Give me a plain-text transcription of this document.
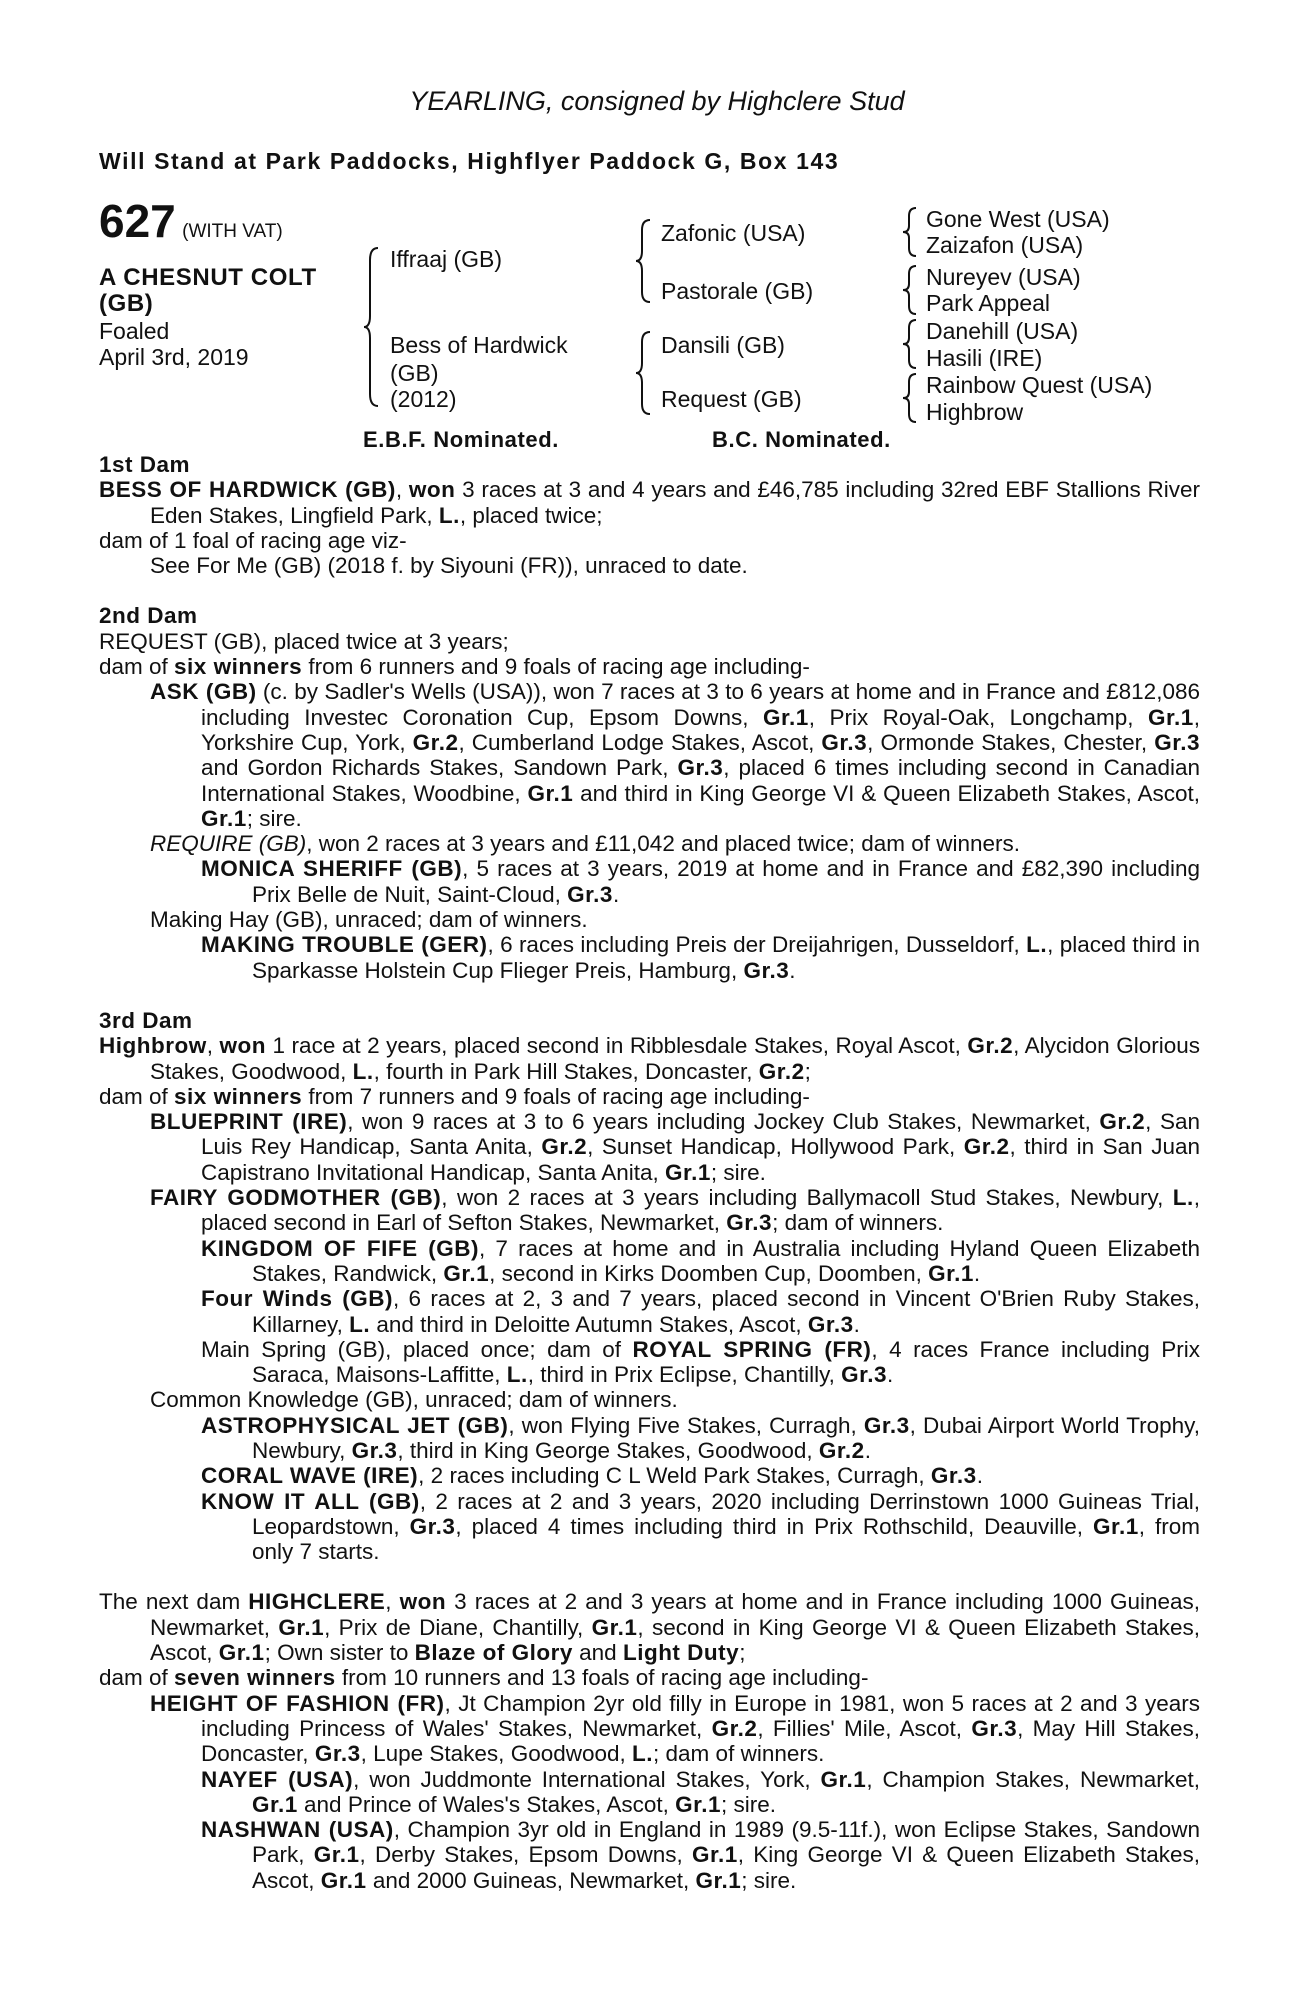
YEARLING, consigned by Highclere Stud
Will Stand at Park Paddocks, Highflyer Paddock G, Box 143
627 (WITH VAT)
A CHESNUT COLT
(GB)
Foaled
April 3rd, 2019
Iffraaj (GB)
Bess of Hardwick
(GB)
(2012)
Zafonic (USA)
Pastorale (GB)
Dansili (GB)
Request (GB)
Gone West (USA)
Zaizafon (USA)
Nureyev (USA)
Park Appeal
Danehill (USA)
Hasili (IRE)
Rainbow Quest (USA)
Highbrow
E.B.F. Nominated.	B.C. Nominated.
1st Dam
BESS OF HARDWICK (GB), won 3 races at 3 and 4 years and £46,785 including 32red EBF Stallions River Eden Stakes, Lingfield Park, L., placed twice;
dam of 1 foal of racing age viz-
See For Me (GB) (2018 f. by Siyouni (FR)), unraced to date.
2nd Dam
REQUEST (GB), placed twice at 3 years;
dam of six winners from 6 runners and 9 foals of racing age including-
ASK (GB) (c. by Sadler's Wells (USA)), won 7 races at 3 to 6 years at home and in France and £812,086 including Investec Coronation Cup, Epsom Downs, Gr.1, Prix Royal-Oak, Longchamp, Gr.1, Yorkshire Cup, York, Gr.2, Cumberland Lodge Stakes, Ascot, Gr.3, Ormonde Stakes, Chester, Gr.3 and Gordon Richards Stakes, Sandown Park, Gr.3, placed 6 times including second in Canadian International Stakes, Woodbine, Gr.1 and third in King George VI & Queen Elizabeth Stakes, Ascot, Gr.1; sire.
REQUIRE (GB), won 2 races at 3 years and £11,042 and placed twice; dam of winners.
MONICA SHERIFF (GB), 5 races at 3 years, 2019 at home and in France and £82,390 including Prix Belle de Nuit, Saint-Cloud, Gr.3.
Making Hay (GB), unraced; dam of winners.
MAKING TROUBLE (GER), 6 races including Preis der Dreijahrigen, Dusseldorf, L., placed third in Sparkasse Holstein Cup Flieger Preis, Hamburg, Gr.3.
3rd Dam
Highbrow, won 1 race at 2 years, placed second in Ribblesdale Stakes, Royal Ascot, Gr.2, Alycidon Glorious Stakes, Goodwood, L., fourth in Park Hill Stakes, Doncaster, Gr.2;
dam of six winners from 7 runners and 9 foals of racing age including-
BLUEPRINT (IRE), won 9 races at 3 to 6 years including Jockey Club Stakes, Newmarket, Gr.2, San Luis Rey Handicap, Santa Anita, Gr.2, Sunset Handicap, Hollywood Park, Gr.2, third in San Juan Capistrano Invitational Handicap, Santa Anita, Gr.1; sire.
FAIRY GODMOTHER (GB), won 2 races at 3 years including Ballymacoll Stud Stakes, Newbury, L., placed second in Earl of Sefton Stakes, Newmarket, Gr.3; dam of winners.
KINGDOM OF FIFE (GB), 7 races at home and in Australia including Hyland Queen Elizabeth Stakes, Randwick, Gr.1, second in Kirks Doomben Cup, Doomben, Gr.1.
Four Winds (GB), 6 races at 2, 3 and 7 years, placed second in Vincent O'Brien Ruby Stakes, Killarney, L. and third in Deloitte Autumn Stakes, Ascot, Gr.3.
Main Spring (GB), placed once; dam of ROYAL SPRING (FR), 4 races France including Prix Saraca, Maisons-Laffitte, L., third in Prix Eclipse, Chantilly, Gr.3.
Common Knowledge (GB), unraced; dam of winners.
ASTROPHYSICAL JET (GB), won Flying Five Stakes, Curragh, Gr.3, Dubai Airport World Trophy, Newbury, Gr.3, third in King George Stakes, Goodwood, Gr.2.
CORAL WAVE (IRE), 2 races including C L Weld Park Stakes, Curragh, Gr.3.
KNOW IT ALL (GB), 2 races at 2 and 3 years, 2020 including Derrinstown 1000 Guineas Trial, Leopardstown, Gr.3, placed 4 times including third in Prix Rothschild, Deauville, Gr.1, from only 7 starts.
The next dam HIGHCLERE, won 3 races at 2 and 3 years at home and in France including 1000 Guineas, Newmarket, Gr.1, Prix de Diane, Chantilly, Gr.1, second in King George VI & Queen Elizabeth Stakes, Ascot, Gr.1; Own sister to Blaze of Glory and Light Duty;
dam of seven winners from 10 runners and 13 foals of racing age including-
HEIGHT OF FASHION (FR), Jt Champion 2yr old filly in Europe in 1981, won 5 races at 2 and 3 years including Princess of Wales' Stakes, Newmarket, Gr.2, Fillies' Mile, Ascot, Gr.3, May Hill Stakes, Doncaster, Gr.3, Lupe Stakes, Goodwood, L.; dam of winners.
NAYEF (USA), won Juddmonte International Stakes, York, Gr.1, Champion Stakes, Newmarket, Gr.1 and Prince of Wales's Stakes, Ascot, Gr.1; sire.
NASHWAN (USA), Champion 3yr old in England in 1989 (9.5-11f.), won Eclipse Stakes, Sandown Park, Gr.1, Derby Stakes, Epsom Downs, Gr.1, King George VI & Queen Elizabeth Stakes, Ascot, Gr.1 and 2000 Guineas, Newmarket, Gr.1; sire.
